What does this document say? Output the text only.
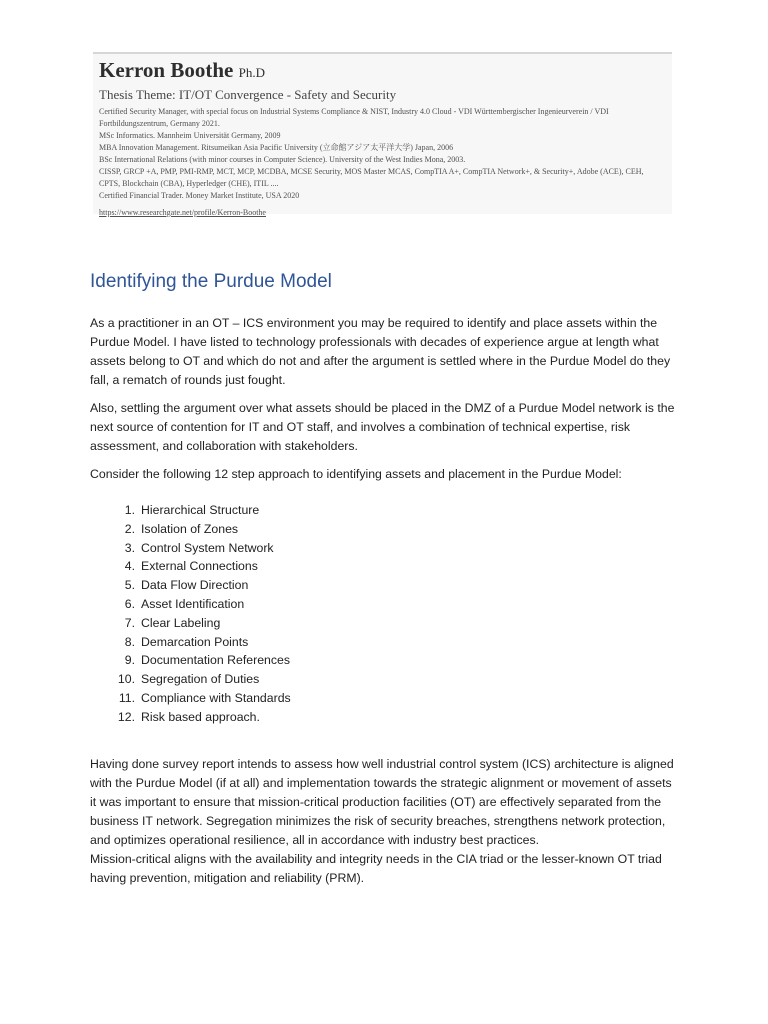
Kerron Boothe Ph.D
Thesis Theme: IT/OT Convergence - Safety and Security
Certified Security Manager, with special focus on Industrial Systems Compliance & NIST, Industry 4.0 Cloud - VDI Württembergischer Ingenieurverein / VDI Fortbildungszentrum, Germany 2021.
MSc Informatics. Mannheim Universität Germany, 2009
MBA Innovation Management. Ritsumeikan Asia Pacific University (立命館アジア太平洋大学) Japan, 2006
BSc International Relations (with minor courses in Computer Science). University of the West Indies Mona, 2003.
CISSP, GRCP +A, PMP, PMI-RMP, MCT, MCP, MCDBA, MCSE Security, MOS Master MCAS, CompTIA A+, CompTIA Network+, & Security+, Adobe (ACE), CEH, CPTS, Blockchain (CBA), Hyperledger (CHE), ITIL ....
Certified Financial Trader. Money Market Institute, USA 2020
https://www.researchgate.net/profile/Kerron-Boothe
Identifying the Purdue Model

As a practitioner in an OT – ICS environment you may be required to identify and place assets within the Purdue Model. I have listed to technology professionals with decades of experience argue at length what assets belong to OT and which do not and after the argument is settled where in the Purdue Model do they fall, a rematch of rounds just fought.

Also, settling the argument over what assets should be placed in the DMZ of a Purdue Model network is the next source of contention for IT and OT staff, and involves a combination of technical expertise, risk assessment, and collaboration with stakeholders.

Consider the following 12 step approach to identifying assets and placement in the Purdue Model:

1. Hierarchical Structure
2. Isolation of Zones
3. Control System Network
4. External Connections
5. Data Flow Direction
6. Asset Identification
7. Clear Labeling
8. Demarcation Points
9. Documentation References
10. Segregation of Duties
11. Compliance with Standards
12. Risk based approach.

Having done survey report intends to assess how well industrial control system (ICS) architecture is aligned with the Purdue Model (if at all) and implementation towards the strategic alignment or movement of assets it was important to ensure that mission-critical production facilities (OT) are effectively separated from the business IT network. Segregation minimizes the risk of security breaches, strengthens network protection, and optimizes operational resilience, all in accordance with industry best practices.

Mission-critical aligns with the availability and integrity needs in the CIA triad or the lesser-known OT triad having prevention, mitigation and reliability (PRM).
